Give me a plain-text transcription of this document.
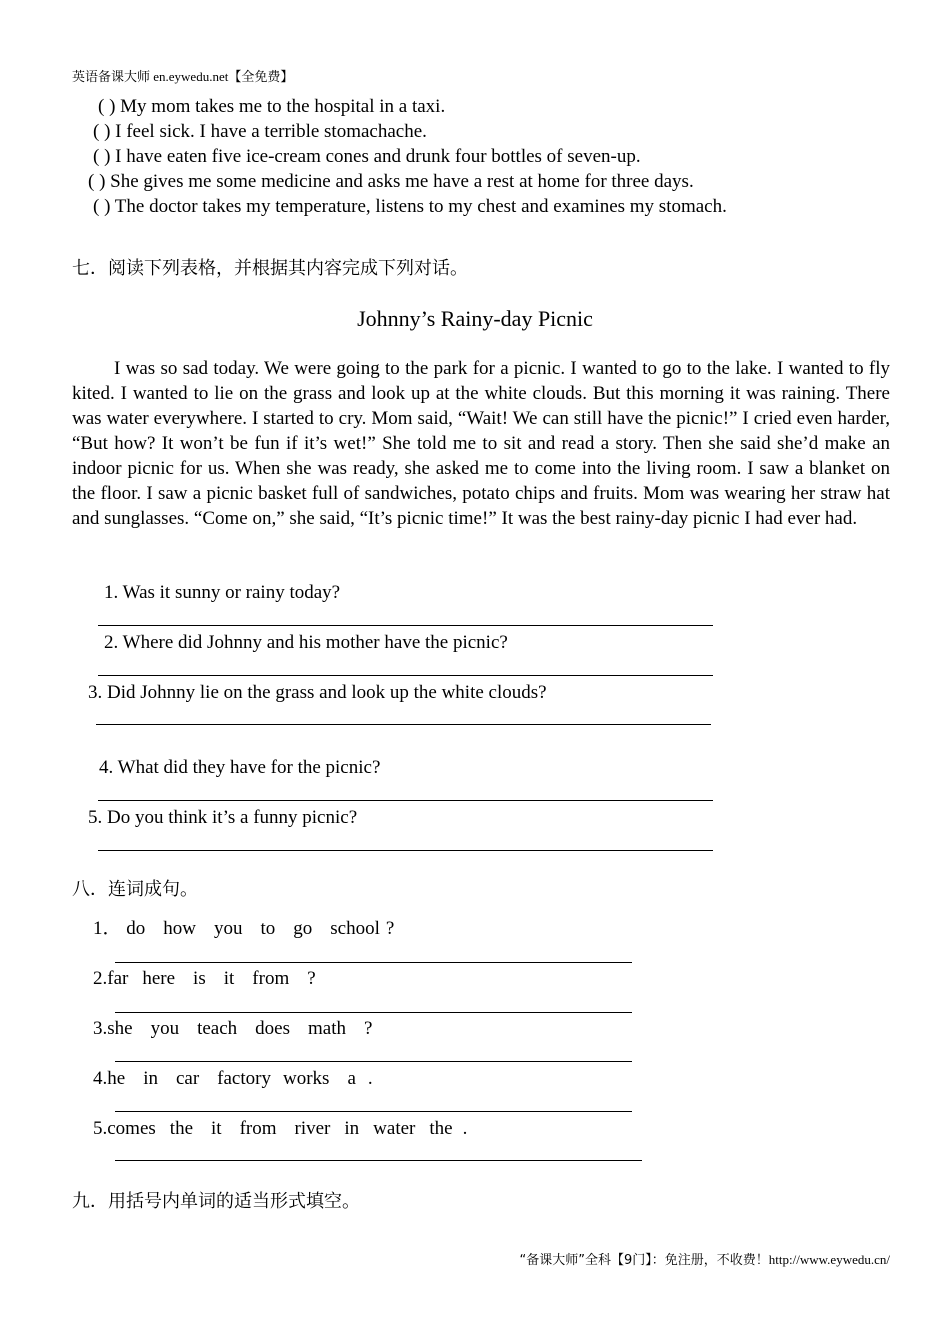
英语备课大师 en.eywedu.net【全免费】
( ) My mom takes me to the hospital in a taxi.
( ) I feel sick. I have a terrible stomachache.
( ) I have eaten five ice-cream cones and drunk four bottles of seven-up.
( ) She gives me some medicine and asks me have a rest at home for three days.
( ) The doctor takes my temperature, listens to my chest and examines my stomach.
七．阅读下列表格，并根据其内容完成下列对话。
Johnny’s Rainy-day Picnic
I was so sad today. We were going to the park for a picnic. I wanted to go to the lake. I wanted to fly kited. I wanted to lie on the grass and look up at the white clouds. But this morning it was raining. There was water everywhere. I started to cry. Mom said, “Wait! We can still have the picnic!” I cried even harder, “But how? It won’t be fun if it’s wet!” She told me to sit and read a story. Then she said she’d make an indoor picnic for us. When she was ready, she asked me to come into the living room. I saw a blanket on the floor. I saw a picnic basket full of sandwiches, potato chips and fruits. Mom was wearing her straw hat and sunglasses. “Come on,” she said, “It’s picnic time!” It was the best rainy-day picnic I had ever had.
1. Was it sunny or rainy today?
2. Where did Johnny and his mother have the picnic?
3. Did Johnny lie on the grass and look up the white clouds?
4. What did they have for the picnic?
5. Do you think it’s a funny picnic?
八．连词成句。
1． do how you to go school ?
2.far here is it from ?
3.she you teach does math ?
4.he in car factory works a .
5.comes the it from river in water the .
九．用括号内单词的适当形式填空。
“备课大师”全科【9门】：免注册，不收费！http://www.eywedu.cn/
